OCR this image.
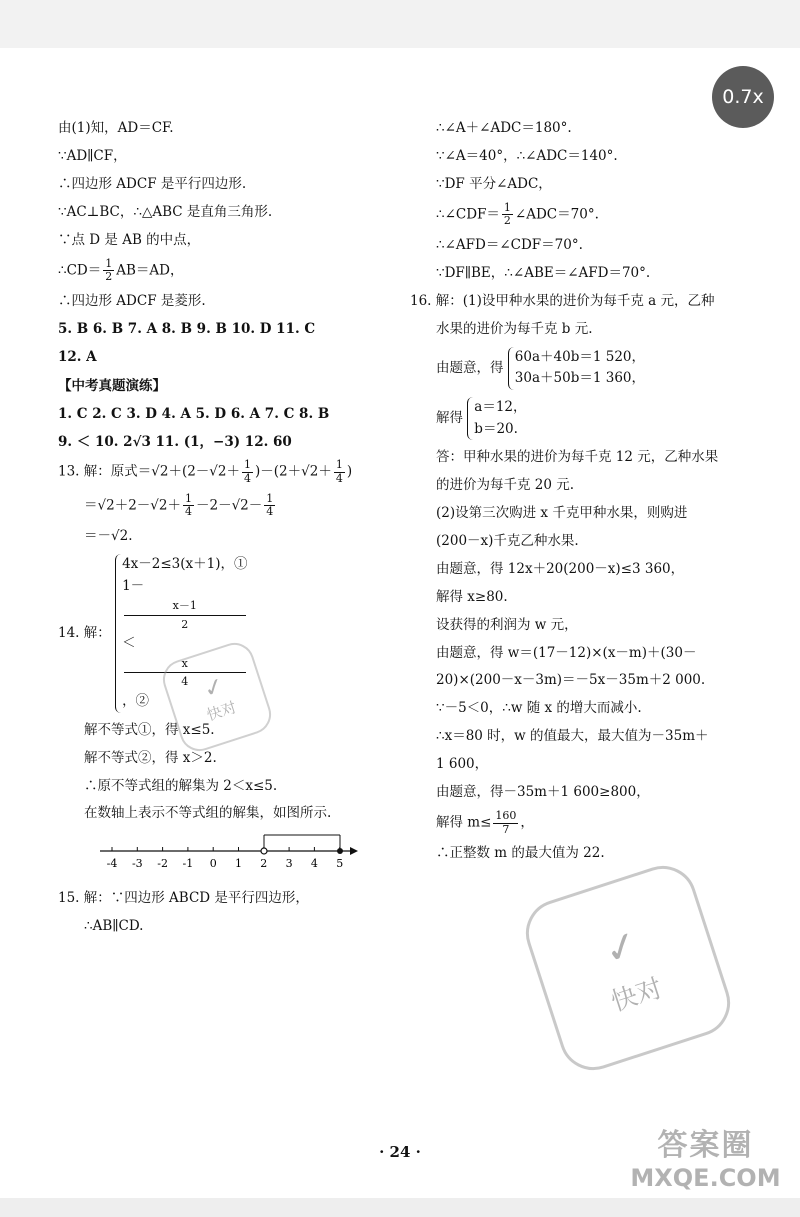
0.7x
由(1)知，AD＝CF.
∵AD∥CF，
∴四边形 ADCF 是平行四边形.
∵AC⊥BC，∴△ABC 是直角三角形.
∵点 D 是 AB 的中点，
∴CD＝ $\frac{1}{2} AB=AD$，
∴四边形 ADCF 是菱形.
5. B 6. B 7. A 8. B 9. B 10. D 11. C
12. A
【中考真题演练】
1. C 2. C 3. D 4. A 5. D 6. A 7. C 8. B
9. ＜ 10. 2√3 11. (1，−3) 12. 60
13. 解：原式$=√2+(2-√2+ \frac{1}{4} )-(2+√2+ \frac{1}{4}$ )
$=√2+2-√2+ \frac{1}{4} -2-√2- \frac{1}{4}$
＝－√2.
14. 解：
4x－2≤3(x＋1)，①
1－
x－1
2
＜
x
4
，②
解不等式①，得 x≤5.
解不等式②，得 x＞2.
∴原不等式组的解集为 2＜x≤5.
在数轴上表示不等式组的解集，如图所示.
-4 -3 -2 -1 0 1 2 3 4 5
15. 解：∵四边形 ABCD 是平行四边形，
∴AB∥CD.
∴∠A＋∠ADC＝180°.
∵∠A＝40°，∴∠ADC＝140°.
∵DF 平分∠ADC，
∴∠CDF＝ $\frac{1}{2}$ ∠ADC＝70°.
∴∠AFD＝∠CDF＝70°.
∵DF∥BE，∴∠ABE＝∠AFD＝70°.
16. 解：(1)设甲种水果的进价为每千克 a 元，乙种
水果的进价为每千克 b 元.
由题意，得
60a＋40b＝1 520，
30a＋50b＝1 360，
解得
a＝12，
b＝20.
答：甲种水果的进价为每千克 12 元，乙种水果
的进价为每千克 20 元.
(2)设第三次购进 x 千克甲种水果，则购进
(200－x)千克乙种水果.
由题意，得 12x＋20(200－x)≤3 360，
解得 x≥80.
设获得的利润为 w 元，
由题意，得 w＝(17－12)×(x－m)＋(30－
20)×(200－x－3m)＝－5x－35m＋2 000.
∵－5＜0，∴w 随 x 的增大而减小.
∴x＝80 时，w 的值最大，最大值为－35m＋
1 600，
由题意，得－35m＋1 600≥800，
解得 $m\le \frac{160}{7}$ ，
∴正整数 m 的最大值为 22.
✓
快对
✓
快对
· 24 ·	答案圈
MXQE.COM
